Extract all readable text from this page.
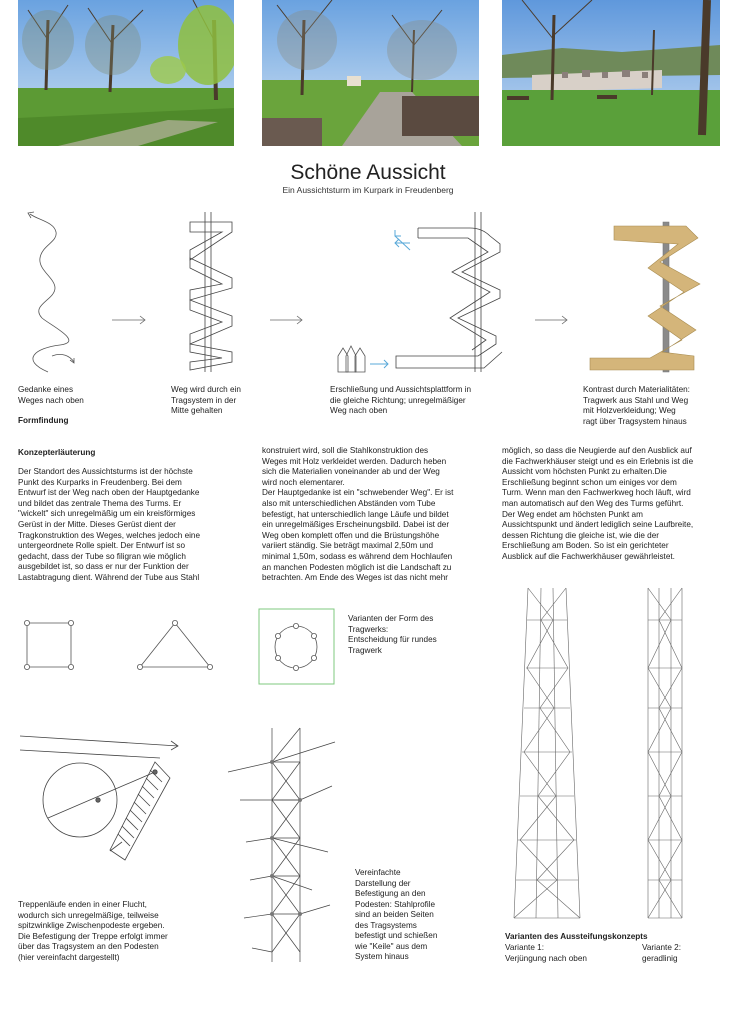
Schöne Aussicht
Ein Aussichtsturm im Kurpark in Freudenberg
Gedanke eines
Weges nach oben
Formfindung
Weg wird durch ein
Tragsystem in der
Mitte gehalten
Erschließung und Aussichtsplattform in
die gleiche Richtung; unregelmäßiger
Weg nach oben
Kontrast durch Materialitäten:
Tragwerk aus Stahl und Weg
mit Holzverkleidung; Weg
ragt über Tragsystem hinaus
Konzepterläuterung

Der Standort des Aussichtsturms ist der höchste

Punkt des Kurparks in Freudenberg. Bei dem

Entwurf ist der Weg nach oben der Hauptgedanke

und bildet das zentrale Thema des Turms. Er

"wickelt" sich unregelmäßig um ein kreisförmiges

Gerüst in der Mitte. Dieses Gerüst dient der

Tragkonstruktion des Weges, welches jedoch eine

untergeordnete Rolle spielt. Der Entwurf ist so

gedacht, dass der Tube so filigran wie möglich

ausgebildet ist, so dass er nur der Funktion der

Lastabtragung dient. Während der Tube aus Stahl

konstruiert wird, soll die Stahlkonstruktion des

Weges mit Holz verkleidet werden. Dadurch heben

sich die Materialien voneinander ab und der Weg

wird noch elementarer.

Der Hauptgedanke ist ein "schwebender Weg". Er ist

also mit unterschiedlichen Abständen vom Tube

befestigt, hat unterschiedlich lange Läufe und bildet

ein unregelmäßiges Erscheinungsbild. Dabei ist der

Weg oben komplett offen und die Brüstungshöhe

variiert ständig. Sie beträgt maximal 2,50m und

minimal 1,50m, sodass es während dem Hochlaufen

an manchen Podesten möglich ist die Landschaft zu

betrachten. Am Ende des Weges ist das nicht mehr

möglich, so dass die Neugierde auf den Ausblick auf

die Fachwerkhäuser steigt und es ein Erlebnis ist die

Aussicht vom höchsten Punkt zu erhalten.Die

Erschließung beginnt schon um einiges vor dem

Turm. Wenn man den Fachwerkweg hoch läuft, wird

man automatisch auf den Weg des Turms geführt.

Der Weg endet am höchsten Punkt am

Aussichtspunkt und ändert lediglich seine Laufbreite,

dessen Richtung die gleiche ist, wie die der

Erschließung am Boden. So ist ein gerichteter

Ausblick auf die Fachwerkhäuser gewährleistet.

Varianten der Form des
Tragwerks:
Entscheidung für rundes
Tragwerk
Treppenläufe enden in einer Flucht,
wodurch sich unregelmäßige, teilweise
spitzwinklige Zwischenpodeste ergeben.
Die Befestigung der Treppe erfolgt immer
über das Tragsystem an den Podesten
(hier vereinfacht dargestellt)
Vereinfachte
Darstellung der
Befestigung an den
Podesten: Stahlprofile
sind an beiden Seiten
des Tragsystems
befestigt und schießen
wie "Keile" aus dem
System hinaus
Varianten des Aussteifungskonzepts
Variante 1:
Verjüngung nach oben
Variante 2:
geradlinig
